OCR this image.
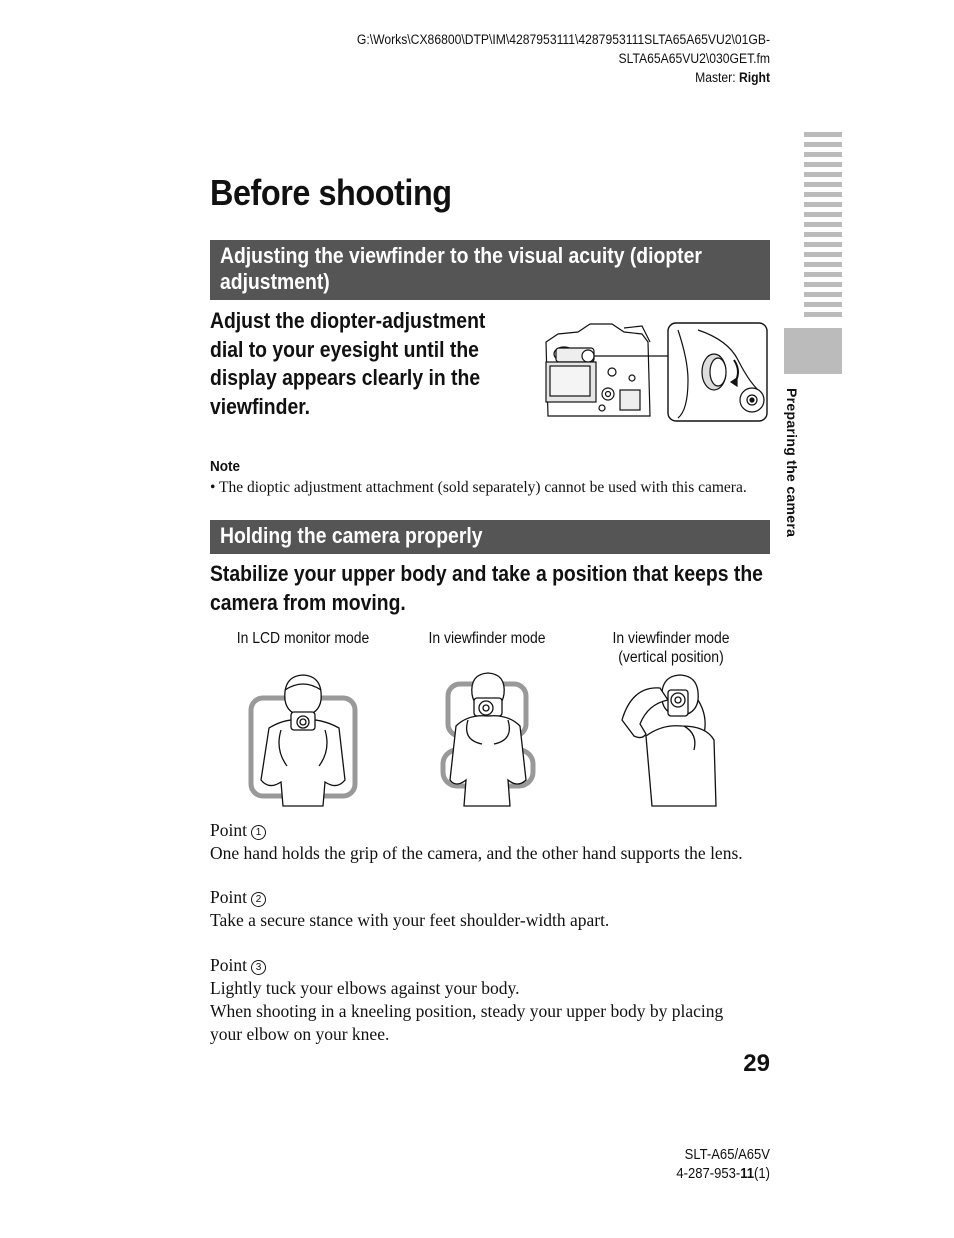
G:\Works\CX86800\DTP\IM\4287953111\4287953111SLTA65A65VU2\01GB-
SLTA65A65VU2\030GET.fm
Master: Right
Preparing the camera
Before shooting
Adjusting the viewfinder to the visual acuity (diopter adjustment)
Adjust the diopter-adjustment
dial to your eyesight until the
display appears clearly in the
viewfinder.
Note
• The dioptic adjustment attachment (sold separately) cannot be used with this camera.
Holding the camera properly
Stabilize your upper body and take a position that keeps the
camera from moving.
In LCD monitor mode	In viewfinder mode	In viewfinder mode
(vertical position)
Point 1
One hand holds the grip of the camera, and the other hand supports the lens.
Point 2
Take a secure stance with your feet shoulder-width apart.
Point 3
Lightly tuck your elbows against your body.
When shooting in a kneeling position, steady your upper body by placing
your elbow on your knee.
29
SLT-A65/A65V
4-287-953-11(1)
